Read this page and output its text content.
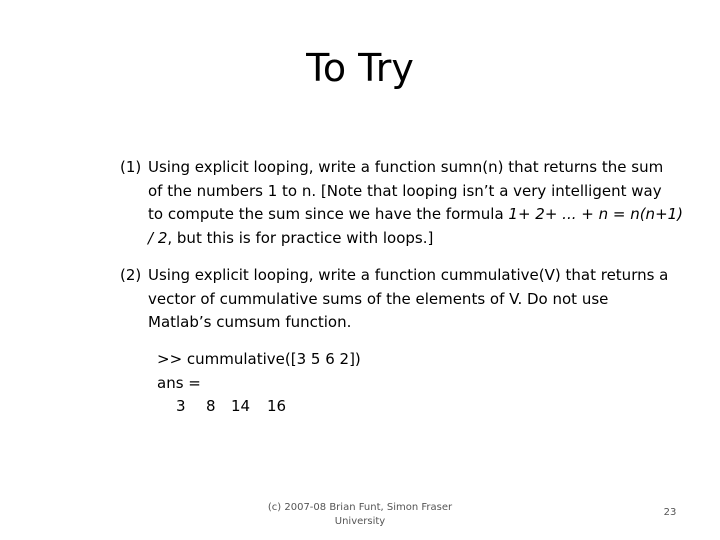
To Try
(1) Using explicit looping, write a function sumn(n) that returns the sum
of the numbers 1 to n. [Note that looping isn’t a very intelligent way
to compute the sum since we have the formula 1+ 2+ ... + n = n(n+1)
/ 2, but this is for practice with loops.]
(2) Using explicit looping, write a function cummulative(V) that returns a
vector of cummulative sums of the elements of V. Do not use
Matlab’s cumsum function.
>> cummulative([3 5 6 2])
ans =
3 8 14 16
(c) 2007-08 Brian Funt, Simon Fraser
University
23
